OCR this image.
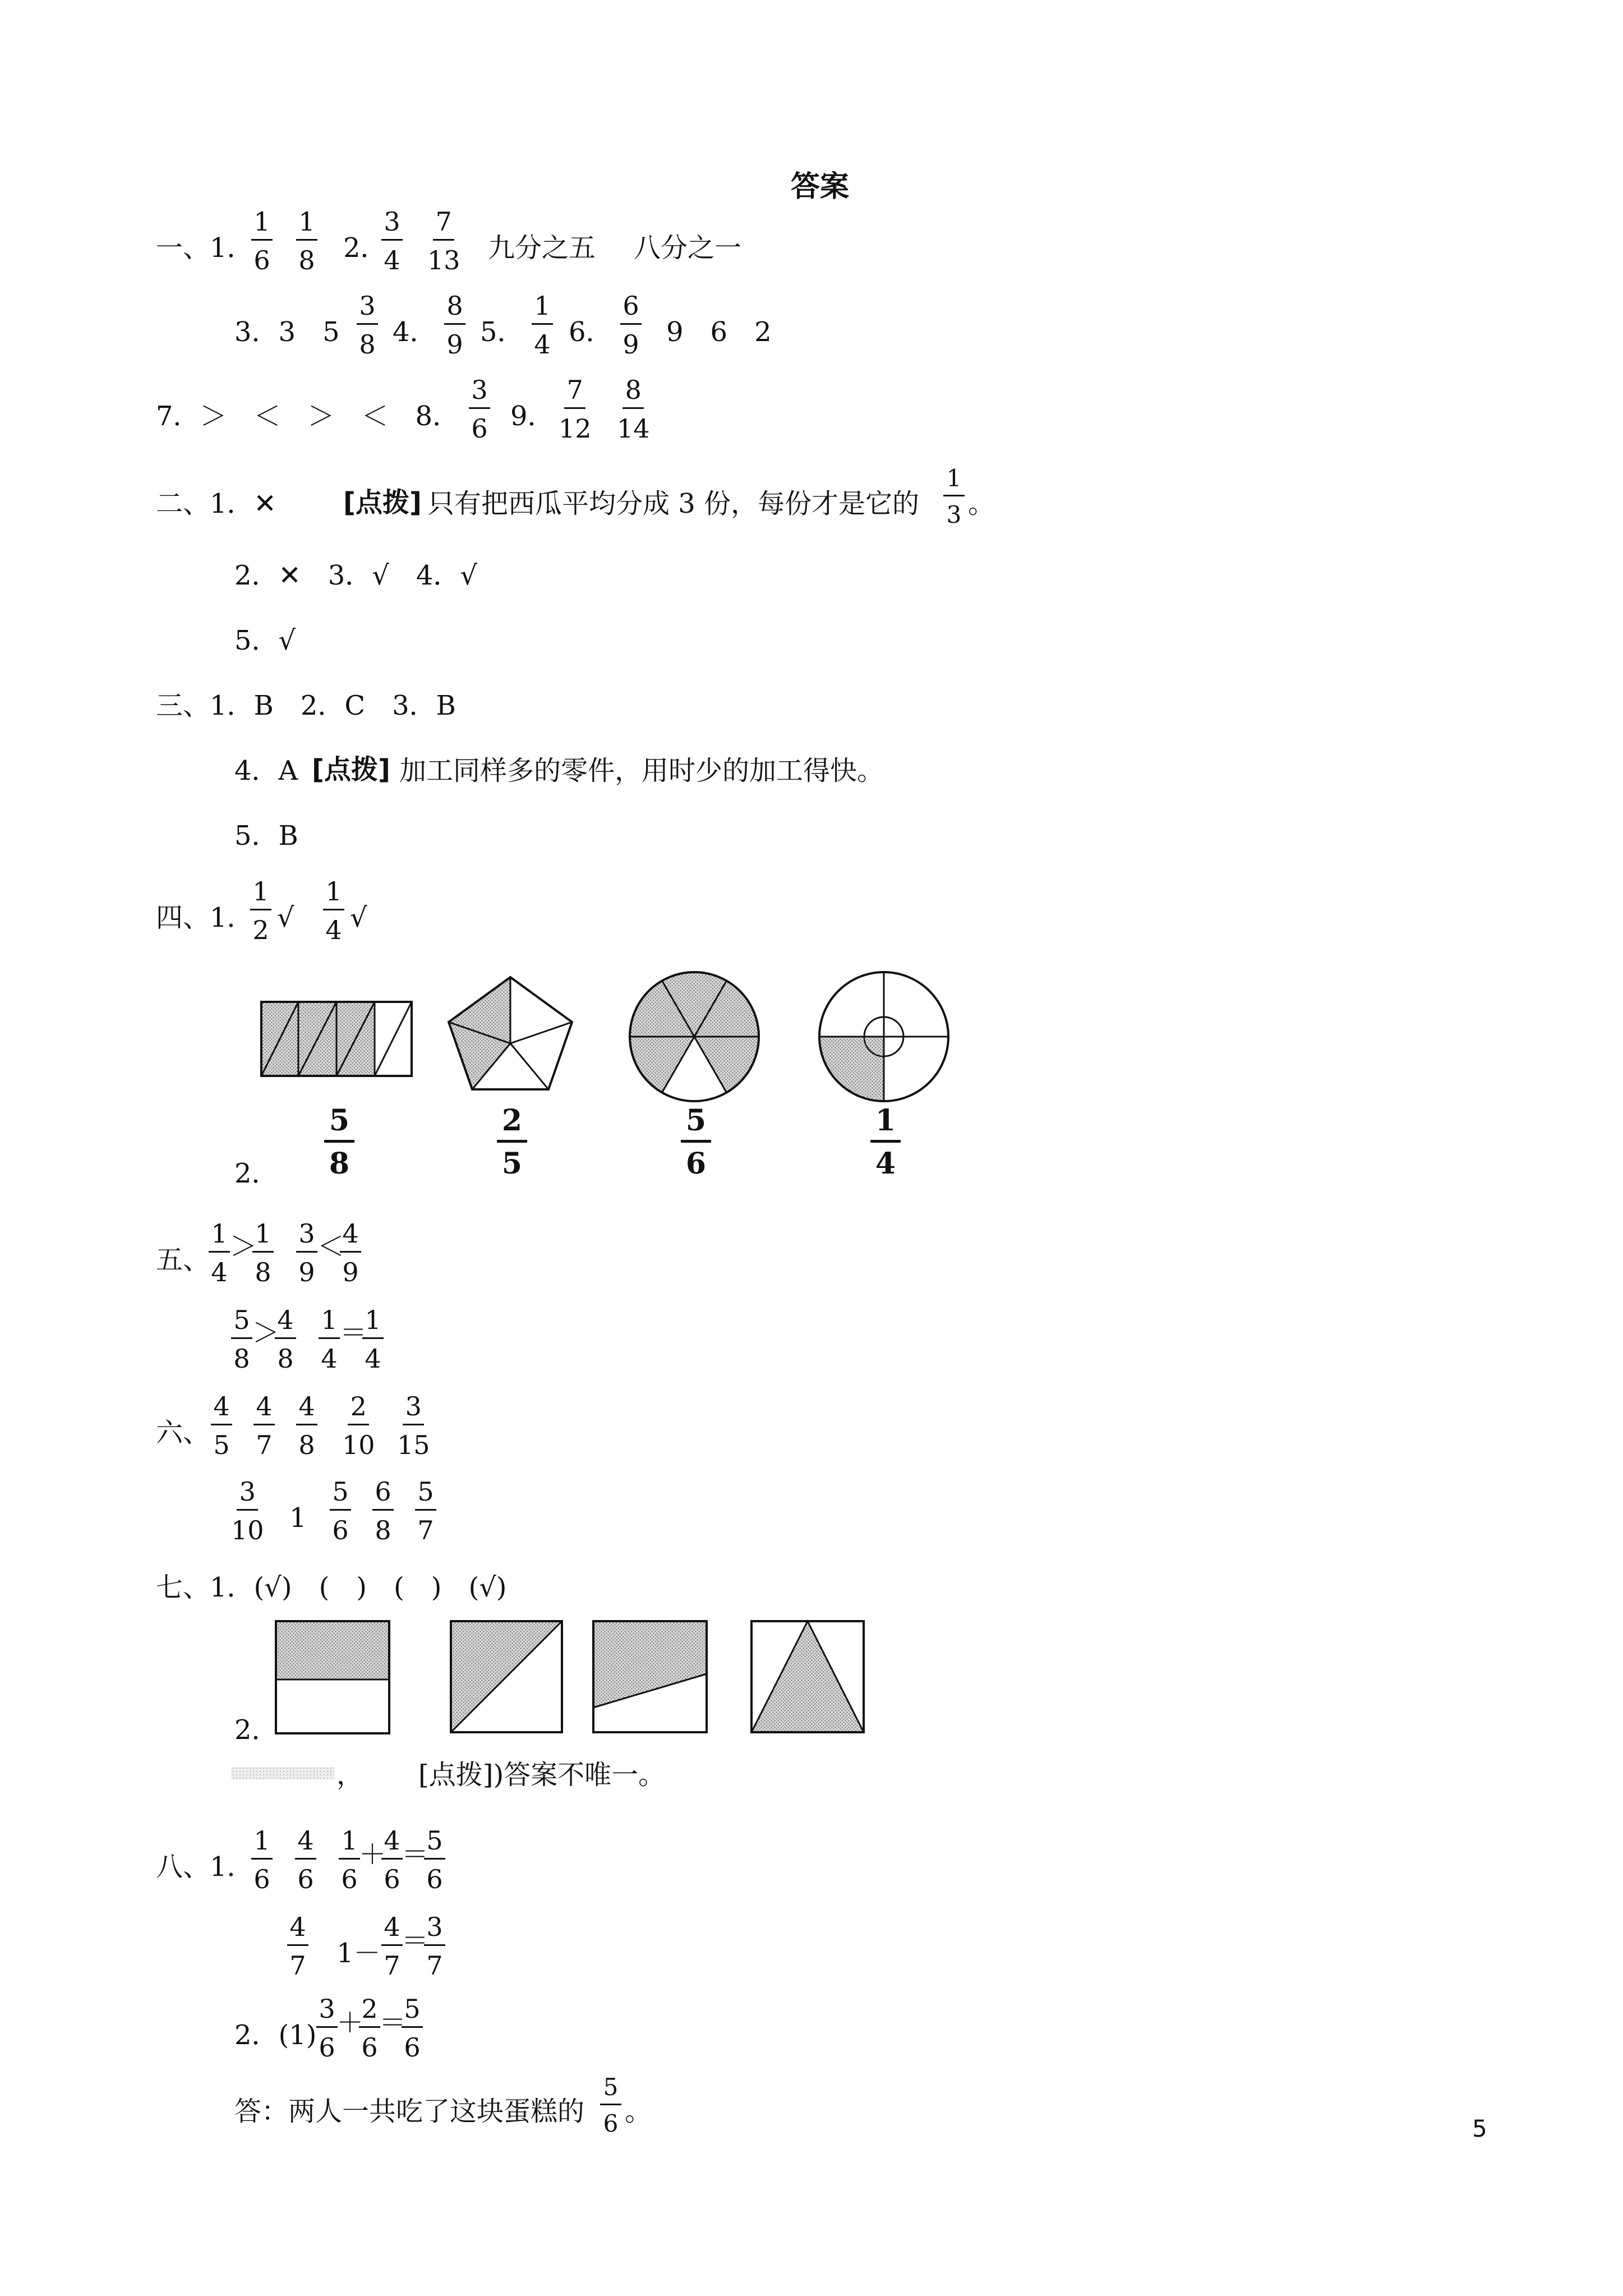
答案
一、1．
$\frac{1}{6} \frac{1}{8} 2$．
$\frac{3}{4} \frac{7}{13}$ 九分之五 八分之一
3．3　$5 \frac{3}{8} 4$． $\frac{8}{9} 5$． $\frac{1}{4} 6$． $\frac{6}{9} 9$　6　2
7．＞　＜　＞　＜　8． $\frac{3}{6} 9$． $\frac{7}{12} \frac{8}{14}$
二、1．✕ [点拨] 只有把西瓜平均分成 3 份，每份才是它的 $\frac{1}{3}$ 。
2．✕　3．√　4．√
5．√
三、1．B　2．C　3．B
4．A [点拨] 加工同样多的零件，用时少的加工得快。
5．B
四、1．
$\frac{1}{2}$ √ $\frac{1}{4}$ √
2． $\frac{5}{8}$	$\frac{2}{5}$	$\frac{5}{6}$	$\frac{1}{4}$
五、
$\frac{1}{4}$ ＞
$\frac{1}{8} \frac{3}{9}$ ＜
$\frac{4}{9}$
$\frac{5}{8}$ ＞
$\frac{4}{8} \frac{1}{4}$ ＝
$\frac{1}{4}$
六、 $\frac{4}{5} \frac{4}{7} \frac{4}{8} \frac{2}{10} \frac{3}{15}$
$\frac{3}{10} 1 \frac{5}{6} \frac{6}{8} \frac{5}{7}$
七、1．(√)　(　)　(　)　(√)
2．
， [点拨])答案不唯一。
八、1．
$\frac{1}{6} \frac{4}{6} \frac{1}{6}$
＋
$\frac{4}{6}$
＝
$\frac{5}{6}$
$\frac{4}{7} 1- \frac{4}{7}$
＝
$\frac{3}{7}$
2．$(1) \frac{3}{6}$
＋
$\frac{2}{6}$
＝
$\frac{5}{6}$
答：两人一共吃了这块蛋糕的 $\frac{5}{6}$ 。
5
